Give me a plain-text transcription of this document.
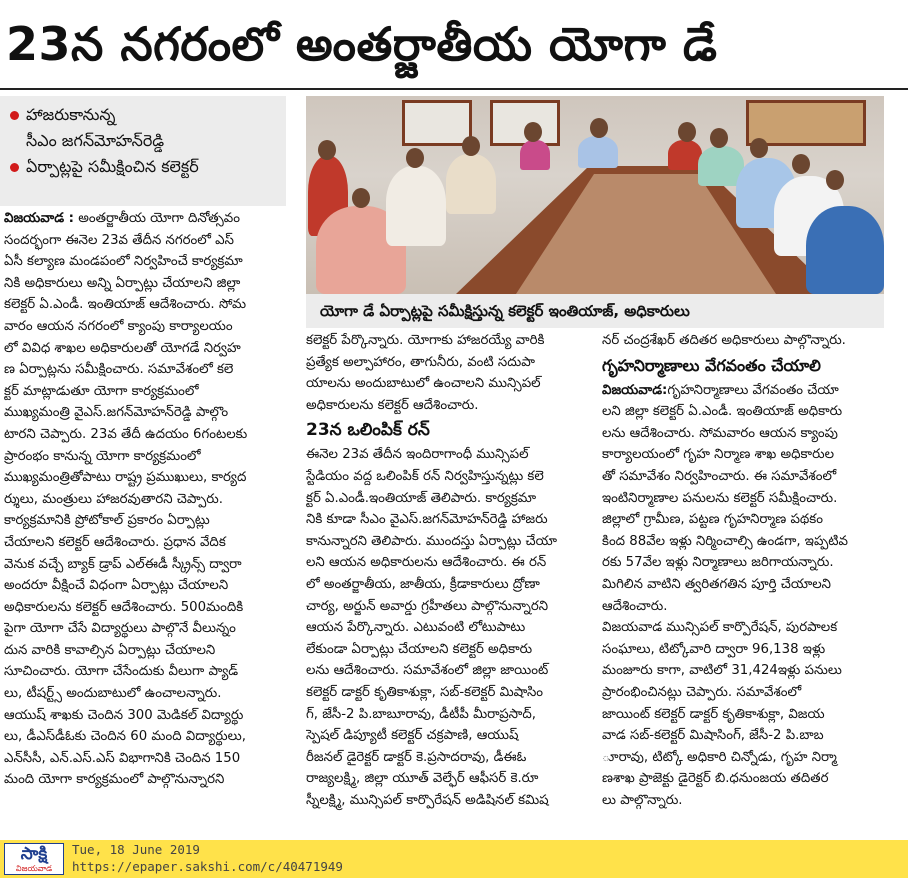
23న నగరంలో అంతర్జాతీయ యోగా డే
హాజరుకానున్న
సీఎం జగన్‌మోహన్‌రెడ్డి
ఏర్పాట్లపై సమీక్షించిన కలెక్టర్
యోగా డే ఏర్పాట్లపై సమీక్షిస్తున్న కలెక్టర్ ఇంతియాజ్, అధికారులు

విజయవాడ : అంతర్జాతీయ యోగా దినోత్సవం

సందర్భంగా ఈనెల 23వ తేదీన నగరంలో ఎస్

ఏసీ కల్యాణ మండపంలో నిర్వహించే కార్యక్రమా

నికి అధికారులు అన్ని ఏర్పాట్లు చేయాలని జిల్లా

కలెక్టర్ ఏ.ఎండీ. ఇంతియాజ్ ఆదేశించారు. సోమ

వారం ఆయన నగరంలో క్యాంపు కార్యాలయం

లో వివిధ శాఖల అధికారులతో యోగడే నిర్వహ

ణ ఏర్పాట్లను సమీక్షించారు. సమావేశంలో కలె

క్టర్ మాట్లాడుతూ యోగా కార్యక్రమంలో

ముఖ్యమంత్రి వైఎస్.జగన్‌మోహన్‌రెడ్డి పాల్గొం

టారని చెప్పారు. 23వ తేదీ ఉదయం 6గంటలకు

ప్రారంభం కానున్న యోగా కార్యక్రమంలో

ముఖ్యమంత్రితోపాటు రాష్ట్ర ప్రముఖులు, కార్యద

ర్శులు, మంత్రులు హాజరవుతారని చెప్పారు.

కార్యక్రమానికి ప్రోటోకాల్ ప్రకారం ఏర్పాట్లు

చేయాలని కలెక్టర్ ఆదేశించారు. ప్రధాన వేదిక

వెనుక వచ్చే బ్యాక్ డ్రాప్ ఎల్ఈడీ స్క్రీన్స్ ద్వారా

అందరూ వీక్షించే విధంగా ఏర్పాట్లు చేయాలని

అధికారులను కలెక్టర్ ఆదేశించారు. 500మందికి

పైగా యోగా చేసే విద్యార్థులు పాల్గొనే వీలున్నం

దున వారికి కావాల్సిన ఏర్పాట్లు చేయాలని

సూచించారు. యోగా చేసేందుకు వీలుగా ప్యాడ్

లు, టీషర్ట్స్ అందుబాటులో ఉంచాలన్నారు.

ఆయుష్ శాఖకు చెందిన 300 మెడికల్ విద్యార్థు

లు, డీఎస్‌డీఓకు చెందిన 60 మంది విద్యార్థులు,

ఎన్‌సీసీ, ఎన్.ఎస్.ఎస్ విభాగానికి చెందిన 150

మంది యోగా కార్యక్రమంలో పాల్గొనున్నారని

కలెక్టర్ పేర్కొన్నారు. యోగాకు హాజరయ్యే వారికి

ప్రత్యేక అల్పాహారం, తాగునీరు, వంటి సదుపా

యాలను అందుబాటులో ఉంచాలని మున్సిపల్

అధికారులను కలెక్టర్ ఆదేశించారు.

23న ఒలింపిక్ రన్

ఈనెల 23వ తేదీన ఇందిరాగాంధీ మున్సిపల్

స్టేడియం వద్ద ఒలింపిక్ రన్ నిర్వహిస్తున్నట్లు కలె

క్టర్ ఏ.ఎండీ.ఇంతియాజ్ తెలిపారు. కార్యక్రమా

నికి కూడా సీఎం వైఎస్.జగన్‌మోహన్‌రెడ్డి హాజరు

కానున్నారని తెలిపారు. ముందస్తు ఏర్పాట్లు చేయా

లని ఆయన అధికారులను ఆదేశించారు. ఈ రన్

లో అంతర్జాతీయ, జాతీయ, క్రీడాకారులు ద్రోణా

చార్య, అర్జున్ అవార్డు గ్రహీతలు పాల్గొనున్నారని

ఆయన పేర్కొన్నారు. ఎటువంటి లోటుపాటు

లేకుండా ఏర్పాట్లు చేయాలని కలెక్టర్ అధికారు

లను ఆదేశించారు. సమావేశంలో జిల్లా జాయింట్

కలెక్టర్ డాక్టర్ కృతికాశుక్లా, సబ్-కలెక్టర్ మిషాసిం

గ్, జేసీ-2 పి.బాబూరావు, డీటీపీ మీరాప్రసాద్,

స్పెషల్ డిప్యూటీ కలెక్టర్ చక్రపాణి, ఆయుష్

రీజనల్ డైరెక్టర్ డాక్టర్ కె.ప్రసాదరావు, డీఈఓ

రాజ్యలక్ష్మి, జిల్లా యూత్ వెల్ఫేర్ ఆఫీసర్ కె.రూ

స్నీలక్ష్మి, మున్సిపల్ కార్పొరేషన్ అడిషినల్ కమిష

నర్ చంద్రశేఖర్ తదితర అధికారులు పాల్గొన్నారు.

గృహనిర్మాణాలు వేగవంతం చేయాలి

విజయవాడ:గృహనిర్మాణాలు వేగవంతం చేయా

లని జిల్లా కలెక్టర్ ఏ.ఎండీ. ఇంతియాజ్ అధికారు

లను ఆదేశించారు. సోమవారం ఆయన క్యాంపు

కార్యాలయంలో గృహ నిర్మాణ శాఖ అధికారుల

తో సమావేశం నిర్వహించారు. ఈ సమావేశంలో

ఇంటినిర్మాణాల పనులను కలెక్టర్ సమీక్షించారు.

జిల్లాలో గ్రామీణ, పట్టణ గృహనిర్మాణ పథకం

కింద 88వేల ఇళ్లు నిర్మించాల్సి ఉండగా, ఇప్పటివ

రకు 57వేల ఇళ్లు నిర్మాణాలు జరిగాయన్నారు.

మిగిలిన వాటిని త్వరితగతిన పూర్తి చేయాలని

ఆదేశించారు.

విజయవాడ మున్సిపల్ కార్పొరేషన్, పురపాలక

సంఘాలు, టిట్కోవారి ద్వారా 96,138 ఇళ్లు

మంజూరు కాగా, వాటిలో 31,424ఇళ్లు పనులు

ప్రారంభించినట్లు చెప్పారు. సమావేశంలో

జాయింట్ కలెక్టర్ డాక్టర్ కృతికాశుక్లా, విజయ

వాడ సబ్-కలెక్టర్ మిషాసింగ్, జేసీ-2 పి.బాబ

ూరావు, టిట్కో అధికారి చిన్నోడు, గృహ నిర్మా

ణశాఖ ప్రాజెక్టు డైరెక్టర్ బి.ధనుంజయ తదితర

లు పాల్గొన్నారు.

సాక్షి
విజయవాడ
Tue, 18 June 2019
https://epaper.sakshi.com/c/40471949
